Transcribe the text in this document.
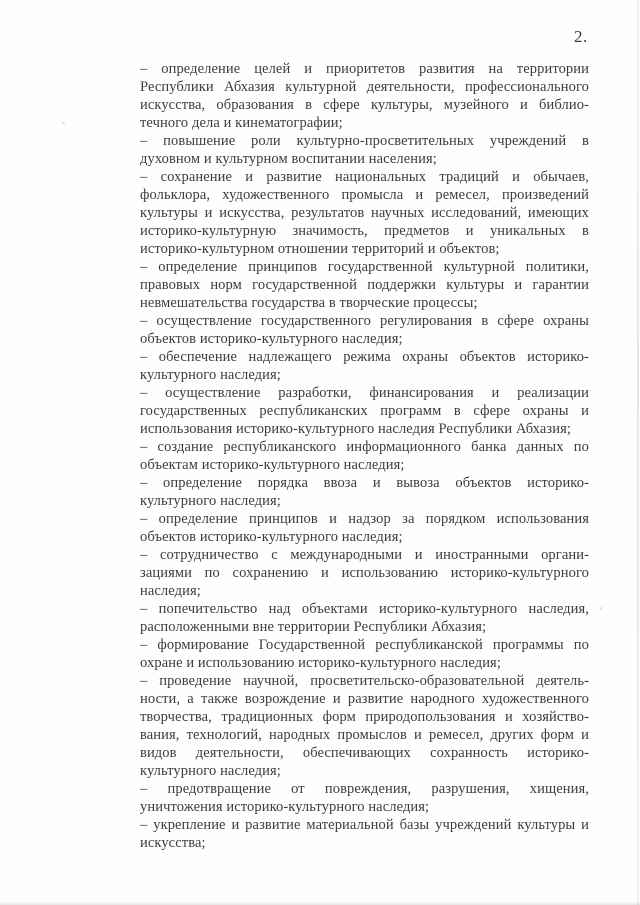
2.
– определение целей и приоритетов развития на территории
Республики Абхазия культурной деятельности, профессионального
искусства, образования в сфере культуры, музейного и библио-
течного дела и кинематографии;
– повышение роли культурно-просветительных учреждений в
духовном и культурном воспитании населения;
– сохранение и развитие национальных традиций и обычаев,
фольклора, художественного промысла и ремесел, произведений
культуры и искусства, результатов научных исследований, имеющих
историко-культурную значимость, предметов и уникальных в
историко-культурном отношении территорий и объектов;
– определение принципов государственной культурной политики,
правовых норм государственной поддержки культуры и гарантии
невмешательства государства в творческие процессы;
– осуществление государственного регулирования в сфере охраны
объектов историко-культурного наследия;
– обеспечение надлежащего режима охраны объектов историко-
культурного наследия;
– осуществление разработки, финансирования и реализации
государственных республиканских программ в сфере охраны и
использования историко-культурного наследия Республики Абхазия;
– создание республиканского информационного банка данных по
объектам историко-культурного наследия;
– определение порядка ввоза и вывоза объектов историко-
культурного наследия;
– определение принципов и надзор за порядком использования
объектов историко-культурного наследия;
– сотрудничество с международными и иностранными органи-
зациями по сохранению и использованию историко-культурного
наследия;
– попечительство над объектами историко-культурного наследия,
расположенными вне территории Республики Абхазия;
– формирование Государственной республиканской программы по
охране и использованию историко-культурного наследия;
– проведение научной, просветительско-образовательной деятель-
ности, а также возрождение и развитие народного художественного
творчества, традиционных форм природопользования и хозяйство-
вания, технологий, народных промыслов и ремесел, других форм и
видов деятельности, обеспечивающих сохранность историко-
культурного наследия;
– предотвращение от повреждения, разрушения, хищения,
уничтожения историко-культурного наследия;
– укрепление и развитие материальной базы учреждений культуры и
искусства;
